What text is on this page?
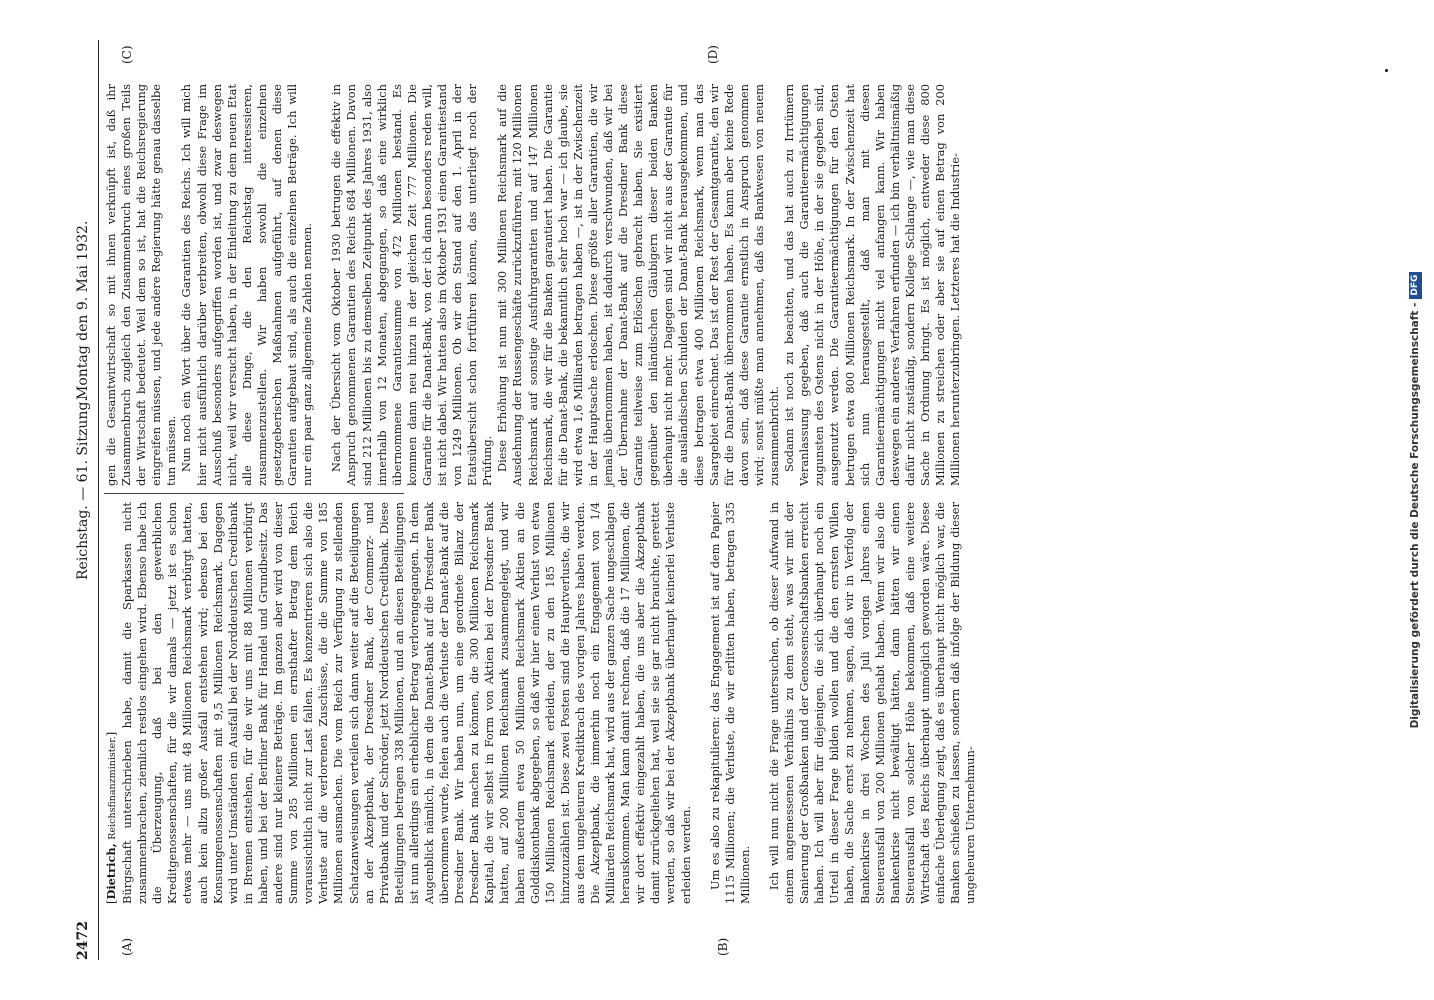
2472
Reichstag. — 61. Sitzung.
Montag den 9. Mai 1932.
(A)	(B)
(C)	(D)

[Dietrich, Reichsfinanzminister.] Bürgschaft unterschrieben habe, damit die Sparkassen nicht zusammenbrachen, ziemlich restlos eingehen wird. Ebenso habe ich die Überzeugung, daß bei den gewerblichen Kreditgenossenschaften, für die wir damals — jetzt ist es schon etwas mehr — uns mit 48 Millionen Reichsmark verbürgt hatten, auch kein allzu großer Ausfall entstehen wird; ebenso bei den Konsumgenossenschaften mit 9,5 Millionen Reichsmark. Dagegen wird unter Umständen ein Ausfall bei der Norddeutschen Creditbank in Bremen entstehen, für die wir uns mit 88 Millionen verbürgt haben, und bei der Berliner Bank für Handel und Grundbesitz. Das andere sind nur kleinere Beträge. Im ganzen aber wird von dieser Summe von 285 Millionen ein ernsthafter Betrag dem Reich voraussichtlich nicht zur Last fallen. Es konzentrieren sich also die Verluste auf die verlorenen Zuschüsse, die die Summe von 185 Millionen ausmachen. Die vom Reich zur Verfügung zu stellenden Schatzanweisungen verteilen sich dann weiter auf die Beteiligungen an der Akzeptbank, der Dresdner Bank, der Commerz- und Privatbank und der Schröder, jetzt Norddeutschen Creditbank. Diese Beteiligungen betragen 338 Millionen, und an diesen Beteiligungen ist nun allerdings ein erheblicher Betrag verlorengegangen. In dem Augenblick nämlich, in dem die Danat-Bank auf die Dresdner Bank übernommen wurde, fielen auch die Verluste der Danat-Bank auf die Dresdner Bank. Wir haben nun, um eine geordnete Bilanz der Dresdner Bank machen zu können, die 300 Millionen Reichsmark Kapital, die wir selbst in Form von Aktien bei der Dresdner Bank hatten, auf 200 Millionen Reichsmark zusammengelegt, und wir haben außerdem etwa 50 Millionen Reichsmark Aktien an die Golddiskontbank abgegeben, so daß wir hier einen Verlust von etwa 150 Millionen Reichsmark erleiden, der zu den 185 Millionen hinzuzuzählen ist. Diese zwei Posten sind die Hauptverluste, die wir aus dem ungeheuren Kreditkrach des vorigen Jahres haben werden. Die Akzeptbank, die immerhin noch ein Engagement von 1/4 Milliarden Reichsmark hat, wird aus der ganzen Sache ungeschlagen herauskommen. Man kann damit rechnen, daß die 17 Millionen, die wir dort effektiv eingezahlt haben, die uns aber die Akzeptbank damit zurückgeliehen hat, weil sie sie gar nicht brauchte, gerettet werden, so daß wir bei der Akzeptbank überhaupt keinerlei Verluste erleiden werden. Um es also zu rekapitulieren: das Engagement ist auf dem Papier 1115 Millionen; die Verluste, die wir erlitten haben, betragen 335 Millionen. Ich will nun nicht die Frage untersuchen, ob dieser Aufwand in einem angemessenen Verhältnis zu dem steht, was wir mit der Sanierung der Großbanken und der Genossenschaftsbanken erreicht haben. Ich will aber für diejenigen, die sich überhaupt noch ein Urteil in dieser Frage bilden wollen und die den ernsten Willen haben, die Sache ernst zu nehmen, sagen, daß wir in Verfolg der Bankenkrise in drei Wochen des Juli vorigen Jahres einen Steuerausfall von 200 Millionen gehabt haben. Wenn wir also die Bankenkrise nicht bewältigt hätten, dann hätten wir einen Steuerausfall von solcher Höhe bekommen, daß eine weitere Wirtschaft des Reichs überhaupt unmöglich geworden wäre. Diese einfache Überlegung zeigt, daß es überhaupt nicht möglich war, die Banken schießen zu lassen, sondern daß infolge der Bildung dieser ungeheuren Unternehmun-

gen die Gesamtwirtschaft so mit ihnen verknüpft ist, daß ihr Zusammenbruch zugleich den Zusammenbruch eines großen Teils der Wirtschaft bedeutet. Weil dem so ist, hat die Reichsregierung eingreifen müssen, und jede andere Regierung hätte genau dasselbe tun müssen. Nun noch ein Wort über die Garantien des Reichs. Ich will mich hier nicht ausführlich darüber verbreiten, obwohl diese Frage im Ausschuß besonders aufgegriffen worden ist, und zwar deswegen nicht, weil wir versucht haben, in der Einleitung zu dem neuen Etat alle diese Dinge, die den Reichstag interessieren, zusammenzustellen. Wir haben sowohl die einzelnen gesetzgeberischen Maßnahmen aufgeführt, auf denen diese Garantien aufgebaut sind, als auch die einzelnen Beträge. Ich will nur ein paar ganz allgemeine Zahlen nennen. Nach der Übersicht vom Oktober 1930 betrugen die effektiv in Anspruch genommenen Garantien des Reichs 684 Millionen. Davon sind 212 Millionen bis zu demselben Zeitpunkt des Jahres 1931, also innerhalb von 12 Monaten, abgegangen, so daß eine wirklich übernommene Garantiesumme von 472 Millionen bestand. Es kommen dann neu hinzu in der gleichen Zeit 777 Millionen. Die Garantie für die Danat-Bank, von der ich dann besonders reden will, ist nicht dabei. Wir hatten also im Oktober 1931 einen Garantiestand von 1249 Millionen. Ob wir den Stand auf den 1. April in der Etatsübersicht schon fortführen können, das unterliegt noch der Prüfung. Diese Erhöhung ist nun mit 300 Millionen Reichsmark auf die Ausdehnung der Russengeschäfte zurückzuführen, mit 120 Millionen Reichsmark auf sonstige Ausfuhrgarantien und auf 147 Millionen Reichsmark, die wir für die Banken garantiert haben. Die Garantie für die Danat-Bank, die bekanntlich sehr hoch war — ich glaube, sie wird etwa 1,6 Milliarden betragen haben —, ist in der Zwischenzeit in der Hauptsache erloschen. Diese größte aller Garantien, die wir jemals übernommen haben, ist dadurch verschwunden, daß wir bei der Übernahme der Danat-Bank auf die Dresdner Bank diese Garantie teilweise zum Erlöschen gebracht haben. Sie existiert gegenüber den inländischen Gläubigern dieser beiden Banken überhaupt nicht mehr. Dagegen sind wir nicht aus der Garantie für die ausländischen Schulden der Danat-Bank herausgekommen, und diese betragen etwa 400 Millionen Reichsmark, wenn man das Saargebiet einrechnet. Das ist der Rest der Gesamtgarantie, den wir für die Danat-Bank übernommen haben. Es kann aber keine Rede davon sein, daß diese Garantie ernstlich in Anspruch genommen wird; sonst müßte man annehmen, daß das Bankwesen von neuem zusammenbricht. Sodann ist noch zu beachten, und das hat auch zu Irrtümern Veranlassung gegeben, daß auch die Garantieermächtigungen zugunsten des Ostens nicht in der Höhe, in der sie gegeben sind, ausgenutzt werden. Die Garantieermächtigungen für den Osten betrugen etwa 800 Millionen Reichsmark. In der Zwischenzeit hat sich nun herausgestellt, daß man mit diesen Garantieermächtigungen nicht viel anfangen kann. Wir haben deswegen ein anderes Verfahren erfunden — ich bin verhältnismäßig dafür nicht zuständig, sondern Kollege Schlange —, wie man diese Sache in Ordnung bringt. Es ist möglich, entweder diese 800 Millionen zu streichen oder aber sie auf einen Betrag von 200 Millionen herunterzubringen. Letzteres hat die Industrie-	Digitalisierung gefördert durch die Deutsche Forschungsgemeinschaft -DFG
